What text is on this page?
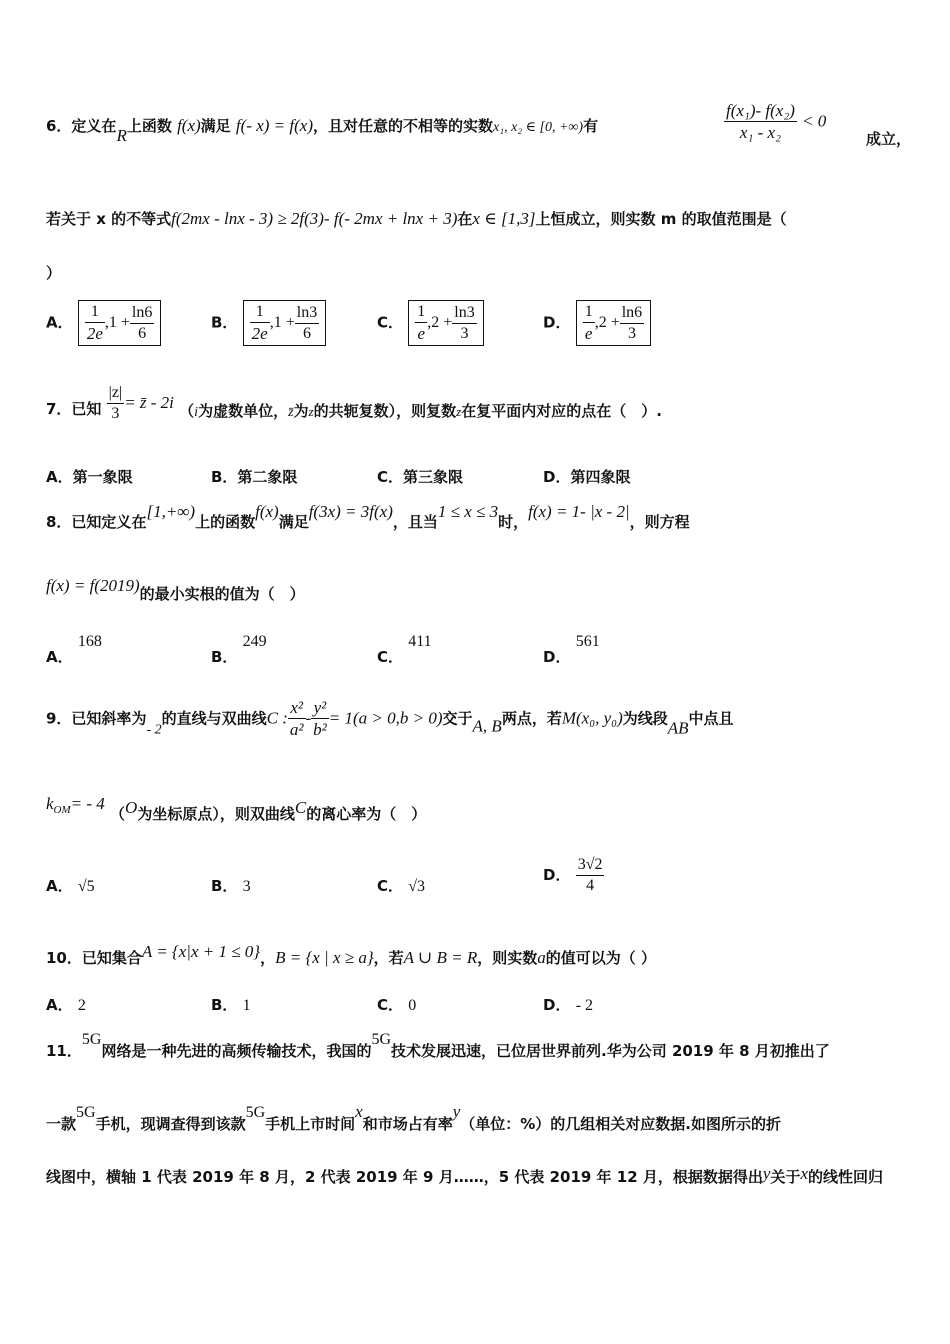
6．定义在R上函数 f(x)满足 f(- x) = f(x)，且对任意的不相等的实数x₁, x₂ ∈ [0, +∞)有	$\frac{\text{f(x₁)- f(x₂)}}{\text{x₁ - x₂}} < 0$
成立，
若关于 x 的不等式f(2mx - lnx - 3) ≥ 2f(3)- f(- 2mx + lnx + 3)在x ∈ [1,3]上恒成立，则实数 m 的取值范围是（
）
A． $\frac{1}{2e} ,1 + \frac{\ln 6}{6}$	B． $\frac{1}{2e} ,1 + \frac{\ln 3}{6}$	C． $\frac{1}{e} ,2 + \frac{\ln 3}{3}$	D． $\frac{1}{e} ,2 + \frac{\ln 6}{3}$
7．已知 $\frac{|z|}{3}$ = z̄ - 2i （i为虚数单位，z̄为z的共轭复数），则复数z在复平面内对应的点在（　）.
A．第一象限	B．第二象限	C．第三象限	D．第四象限
8．已知定义在[1,+∞)上的函数f(x)满足f(3x) = 3f(x)，且当1 ≤ x ≤ 3时，f(x) = 1- |x - 2|，则方程
f(x) = f(2019)的最小实根的值为（　）
A． 168
B． 249
C． 411
D． 561
9．已知斜率为- 2的直线与双曲线C : $\frac{\text{x²}}{\text{a²}} - \frac{\text{y²}}{\text{b²}} = 1(a > 0,b > 0)$交于A, B两点，若M(x₀, y₀)为线段AB中点且
$k_{OM}= - 4$ （O为坐标原点），则双曲线C的离心率为（　）
A． √5	B． 3	C． √3
D． $\frac{3√2}{4}$
10．已知集合A = {x|x + 1 ≤ 0}，B = {x | x ≥ a}，若A ∪ B = R，则实数a的值可以为（ ）
A． 2	B． 1	C． 0	D． - 2
11．5G网络是一种先进的高频传输技术，我国的5G技术发展迅速，已位居世界前列.华为公司 2019 年 8 月初推出了
一款5G手机，现调查得到该款5G手机上市时间x和市场占有率y（单位：%）的几组相关对应数据.如图所示的折
线图中，横轴 1 代表 2019 年 8 月，2 代表 2019 年 9 月……，5 代表 2019 年 12 月，根据数据得出y关于x的线性回归
